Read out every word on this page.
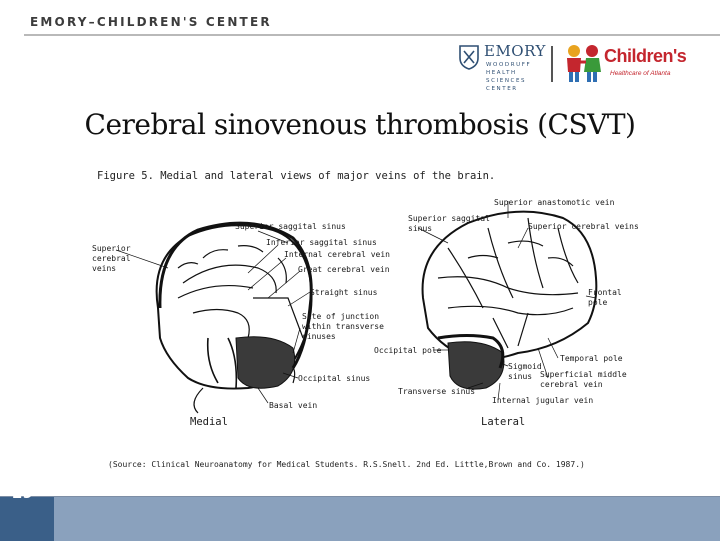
EMORY–CHILDREN'S CENTER
EMORY
WOODRUFF
HEALTH
SCIENCES
CENTER
Children's
Healthcare of Atlanta
Cerebral sinovenous thrombosis (CSVT)
Figure 5. Medial and lateral views of major veins of the brain.
Superior saggital sinus
Superior
cerebral
veins
Inferior saggital sinus
Internal cerebral vein
Great cerebral vein
Straight sinus
Site of junction
within transverse
sinuses
Occipital sinus
Basal vein
Superior anastomotic vein
Superior saggital
sinus	Superior cerebral veins
Frontal
pole
Occipital pole
Sigmoid
sinus
Temporal pole
Superficial middle
cerebral vein
Transverse sinus
Internal jugular vein
Medial	Lateral
(Source: Clinical Neuroanatomy for Medical Students. R.S.Snell. 2nd Ed. Little,Brown and Co. 1987.)
29
